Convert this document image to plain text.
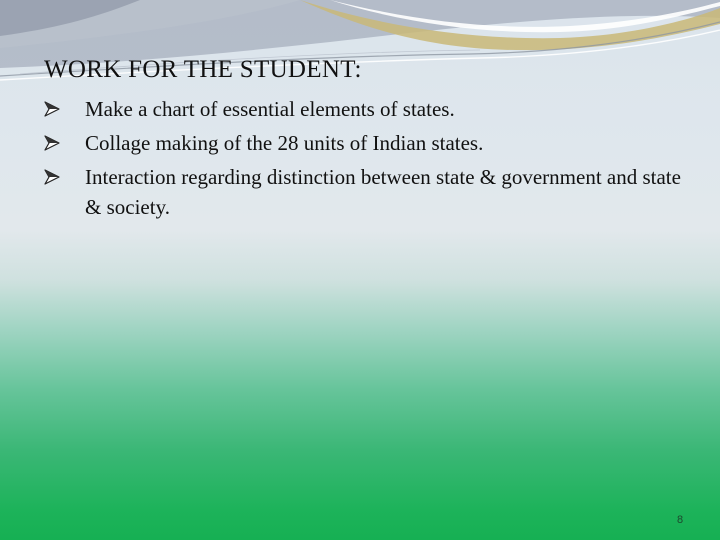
WORK FOR THE STUDENT:
Make a chart of essential elements of states.
Collage making of the 28 units of Indian states.
Interaction regarding distinction between state & government and state & society.
8
